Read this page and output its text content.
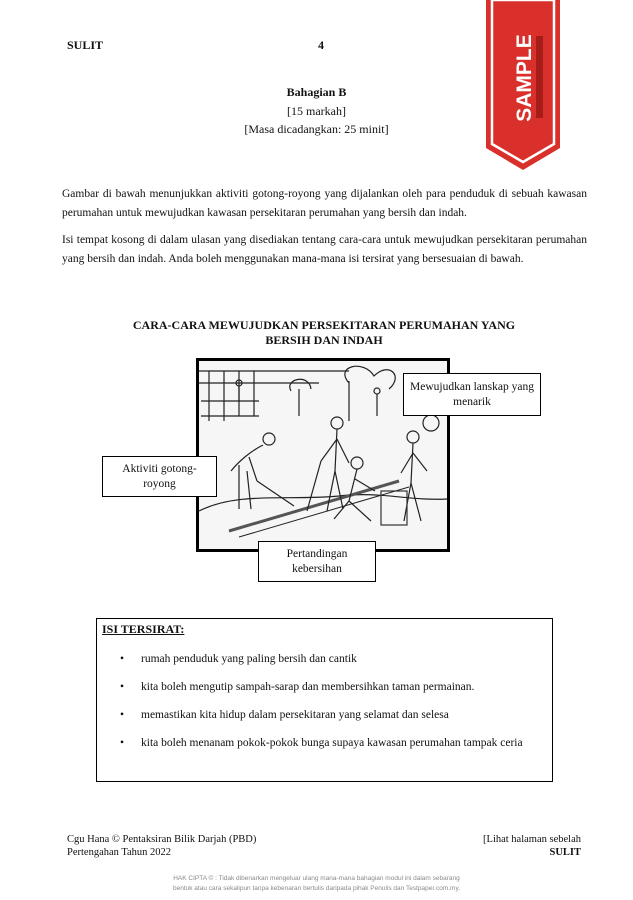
SULIT	4	SAMPLE
Bahagian B
[15 markah]
[Masa dicadangkan: 25 minit]
Gambar di bawah menunjukkan aktiviti gotong-royong yang dijalankan oleh para penduduk di sebuah kawasan perumahan untuk mewujudkan kawasan persekitaran perumahan yang bersih dan indah.
Isi tempat kosong di dalam ulasan yang disediakan tentang cara-cara untuk mewujudkan persekitaran perumahan yang bersih dan indah. Anda boleh menggunakan mana-mana isi tersirat yang bersesuaian di bawah.
CARA-CARA MEWUJUDKAN PERSEKITARAN PERUMAHAN YANG
BERSIH DAN INDAH
Mewujudkan lanskap yang menarik
Aktiviti gotong-royong
Pertandingan kebersihan
ISI TERSIRAT:
• rumah penduduk yang paling bersih dan cantik
• kita boleh mengutip sampah-sarap dan membersihkan taman permainan.
• memastikan kita hidup dalam persekitaran yang selamat dan selesa
• kita boleh menanam pokok-pokok bunga supaya kawasan perumahan tampak ceria
Cgu Hana © Pentaksiran Bilik Darjah (PBD)
Pertengahan Tahun 2022
[Lihat halaman sebelah
SULIT
HAK CIPTA © : Tidak dibenarkan mengeluar ulang mana-mana bahagian modul ini dalam sebarang
bentuk atau cara sekalipun tanpa kebenaran bertulis daripada pihak Penulis dan Testpaper.com.my.
